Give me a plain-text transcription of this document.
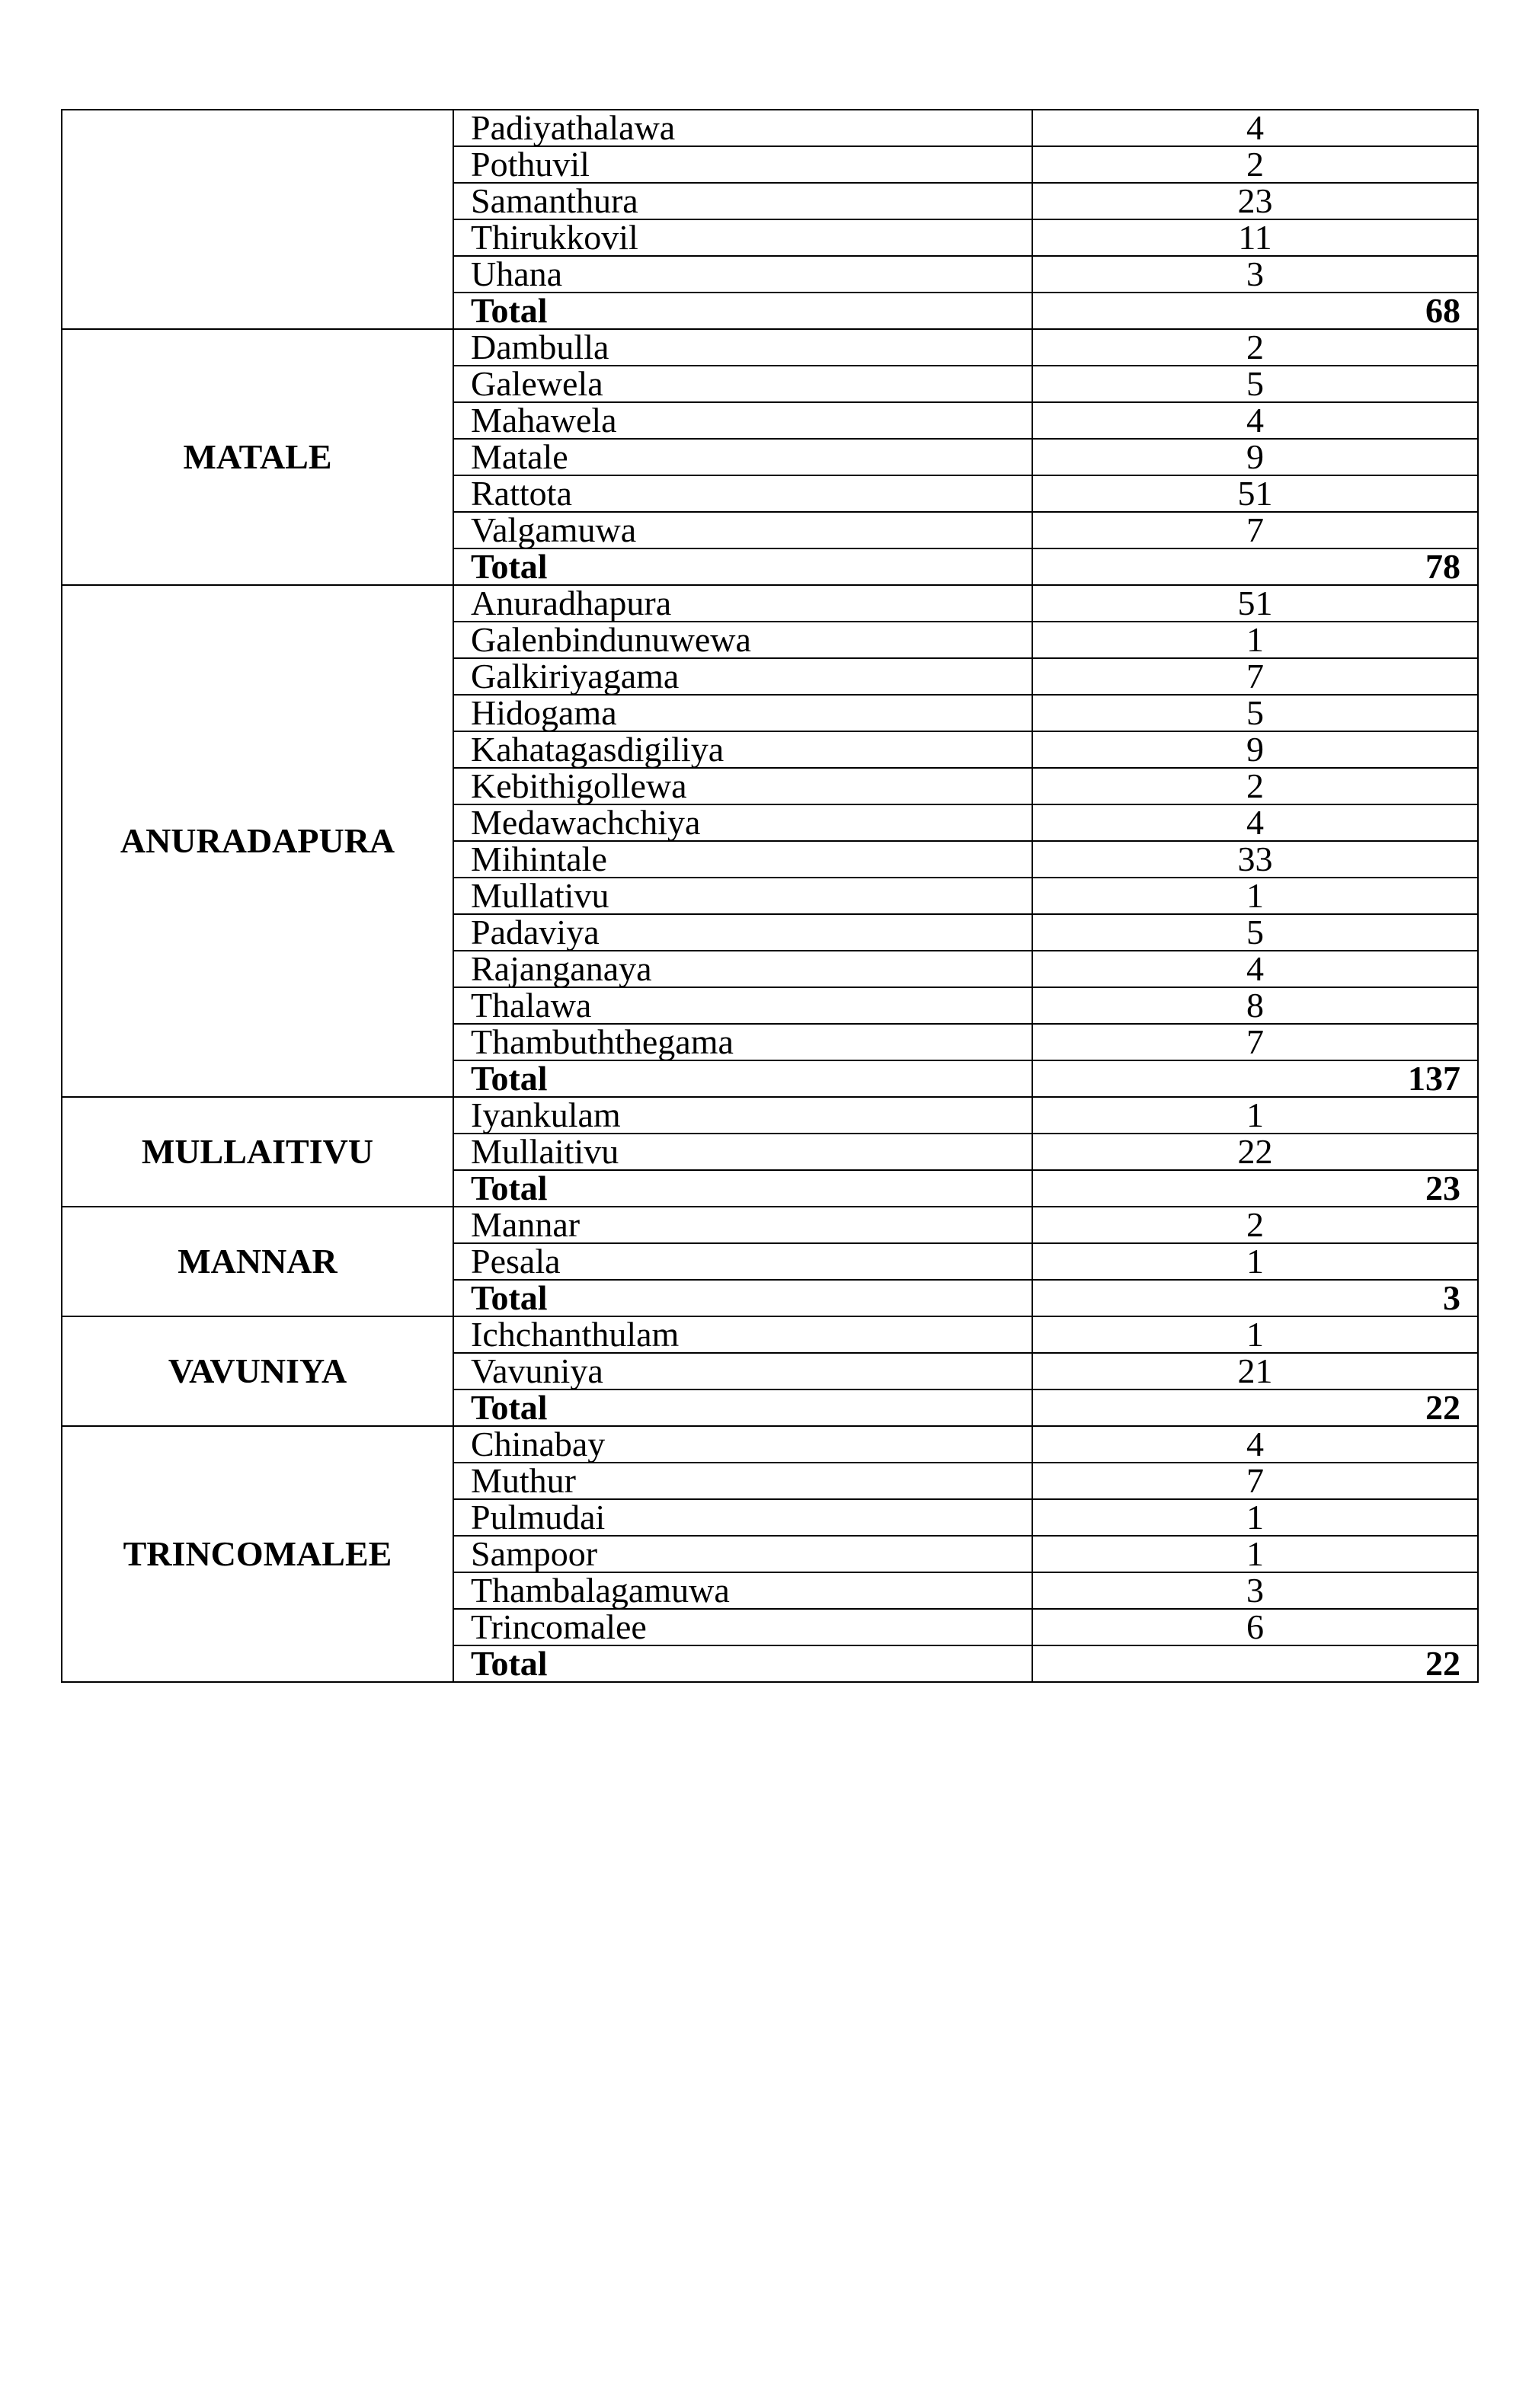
	Padiyathalawa	4
	Pothuvil	2
	Samanthura	23
	Thirukkovil	11
	Uhana	3
	Total	68
MATALE	Dambulla	2
	Galewela	5
	Mahawela	4
	Matale	9
	Rattota	51
	Valgamuwa	7
	Total	78
ANURADAPURA	Anuradhapura	51
	Galenbindunuwewa	1
	Galkiriyagama	7
	Hidogama	5
	Kahatagasdigiliya	9
	Kebithigollewa	2
	Medawachchiya	4
	Mihintale	33
	Mullativu	1
	Padaviya	5
	Rajanganaya	4
	Thalawa	8
	Thambuththegama	7
	Total	137
MULLAITIVU	Iyankulam	1
	Mullaitivu	22
	Total	23
MANNAR	Mannar	2
	Pesala	1
	Total	3
VAVUNIYA	Ichchanthulam	1
	Vavuniya	21
	Total	22
TRINCOMALEE	Chinabay	4
	Muthur	7
	Pulmudai	1
	Sampoor	1
	Thambalagamuwa	3
	Trincomalee	6
	Total	22
